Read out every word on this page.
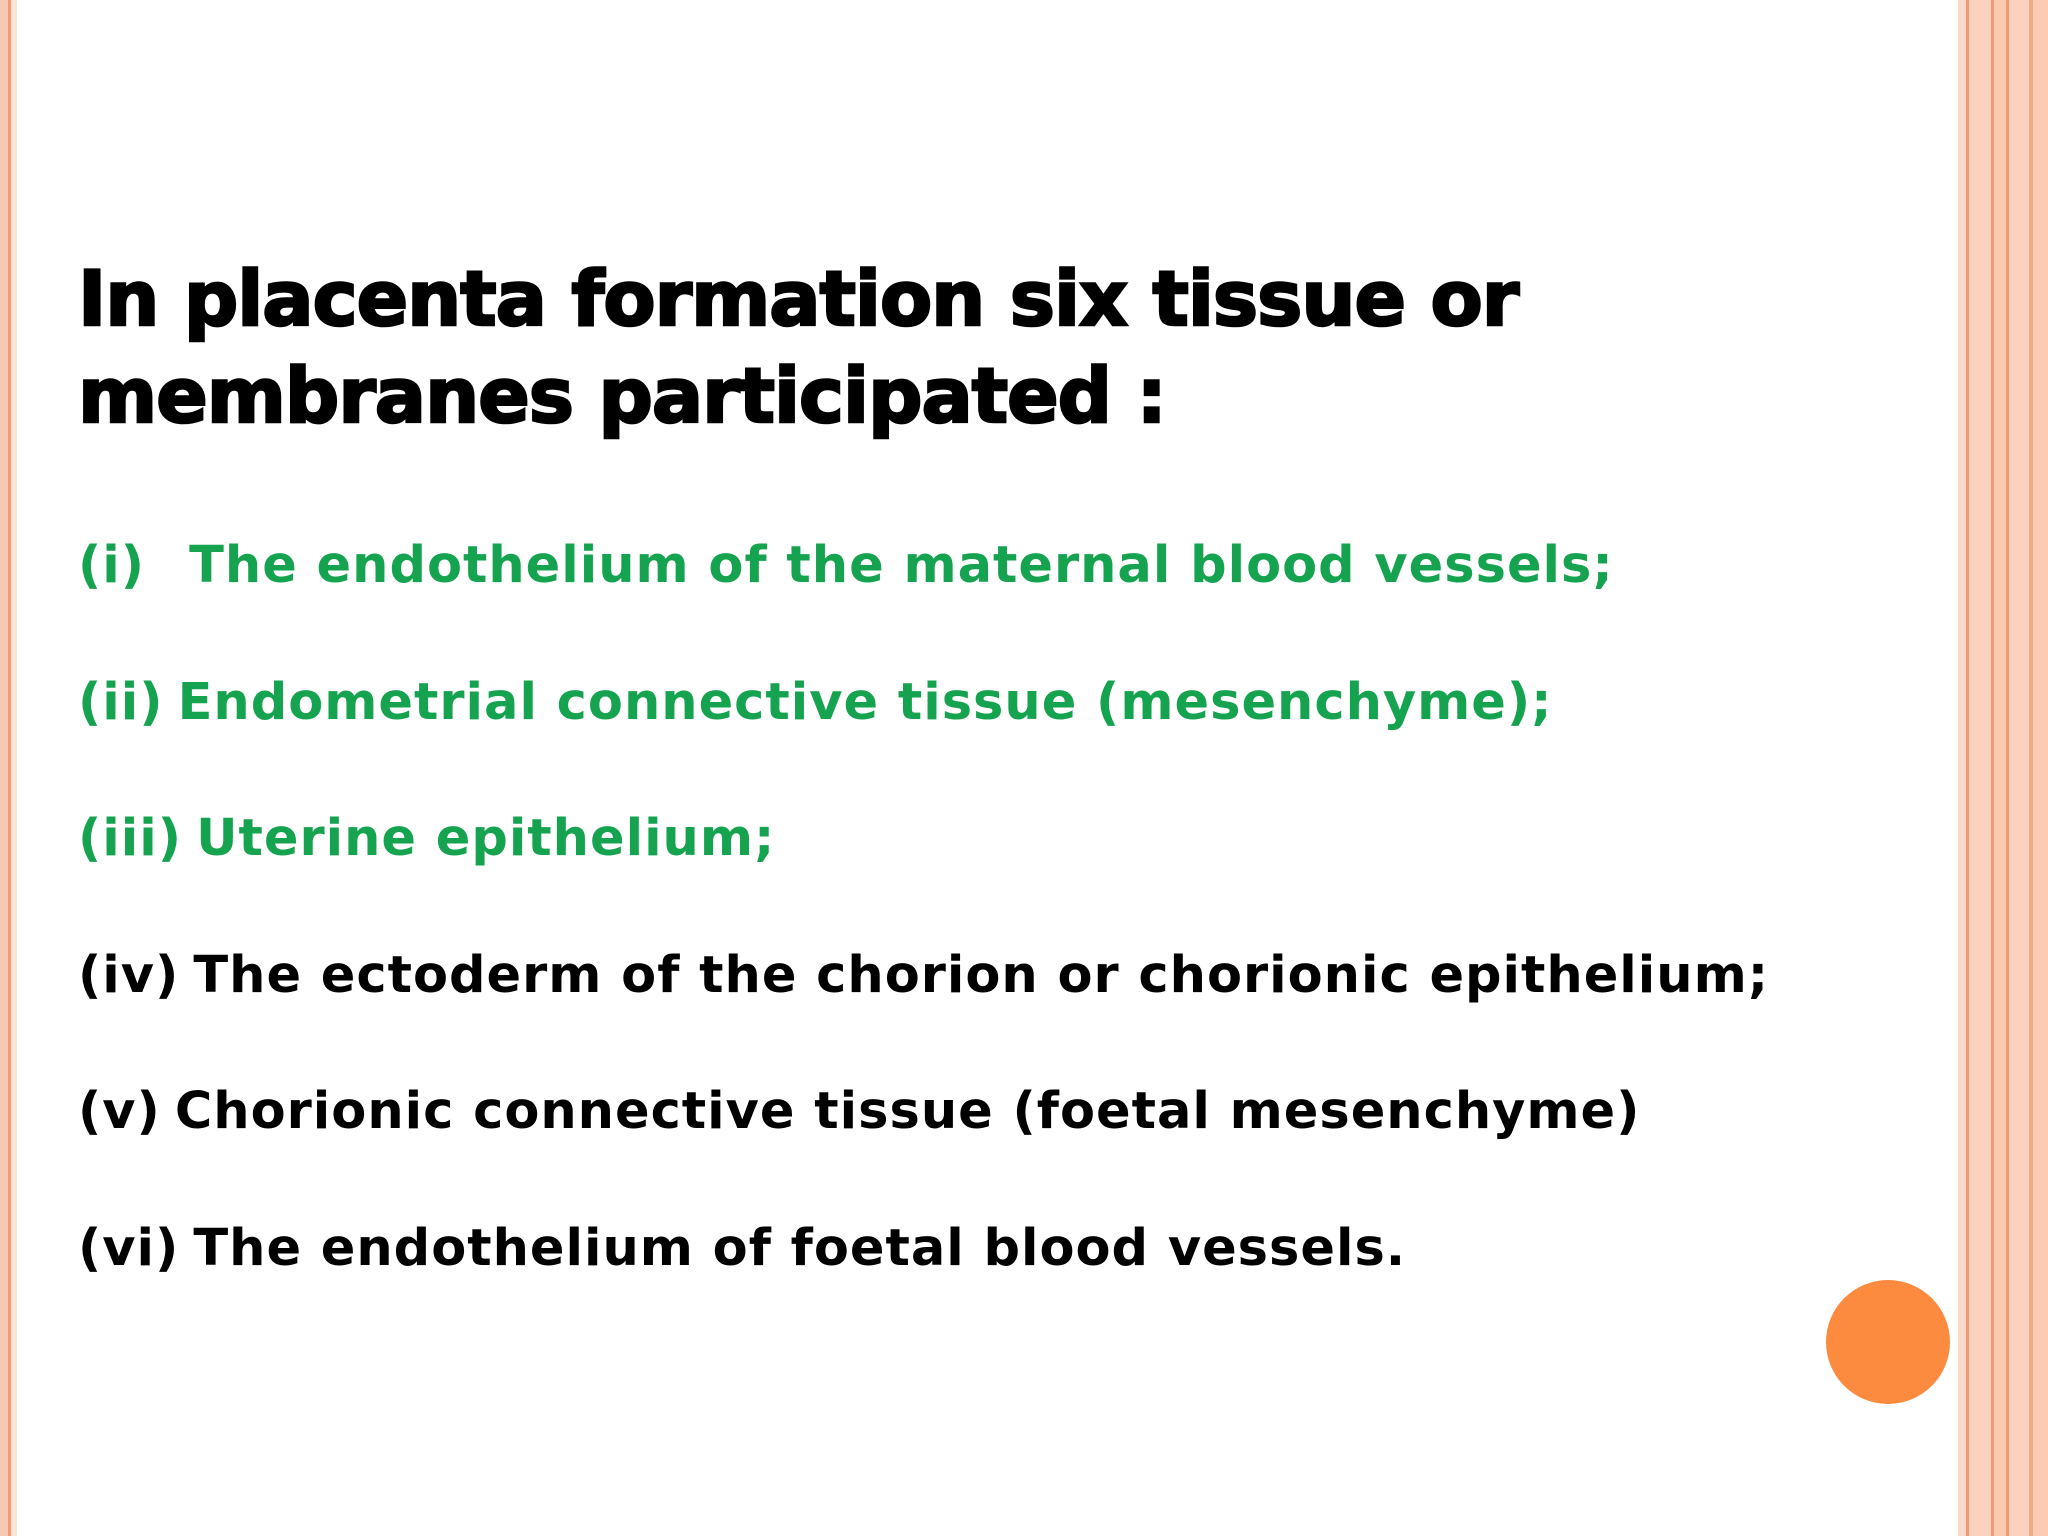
In placenta formation six tissue or membranes participated :
(i) The endothelium of the maternal blood vessels;
(ii) Endometrial connective tissue (mesenchyme);
(iii) Uterine epithelium;
(iv) The ectoderm of the chorion or chorionic epithelium;
(v) Chorionic connective tissue (foetal mesenchyme)
(vi) The endothelium of foetal blood vessels.
